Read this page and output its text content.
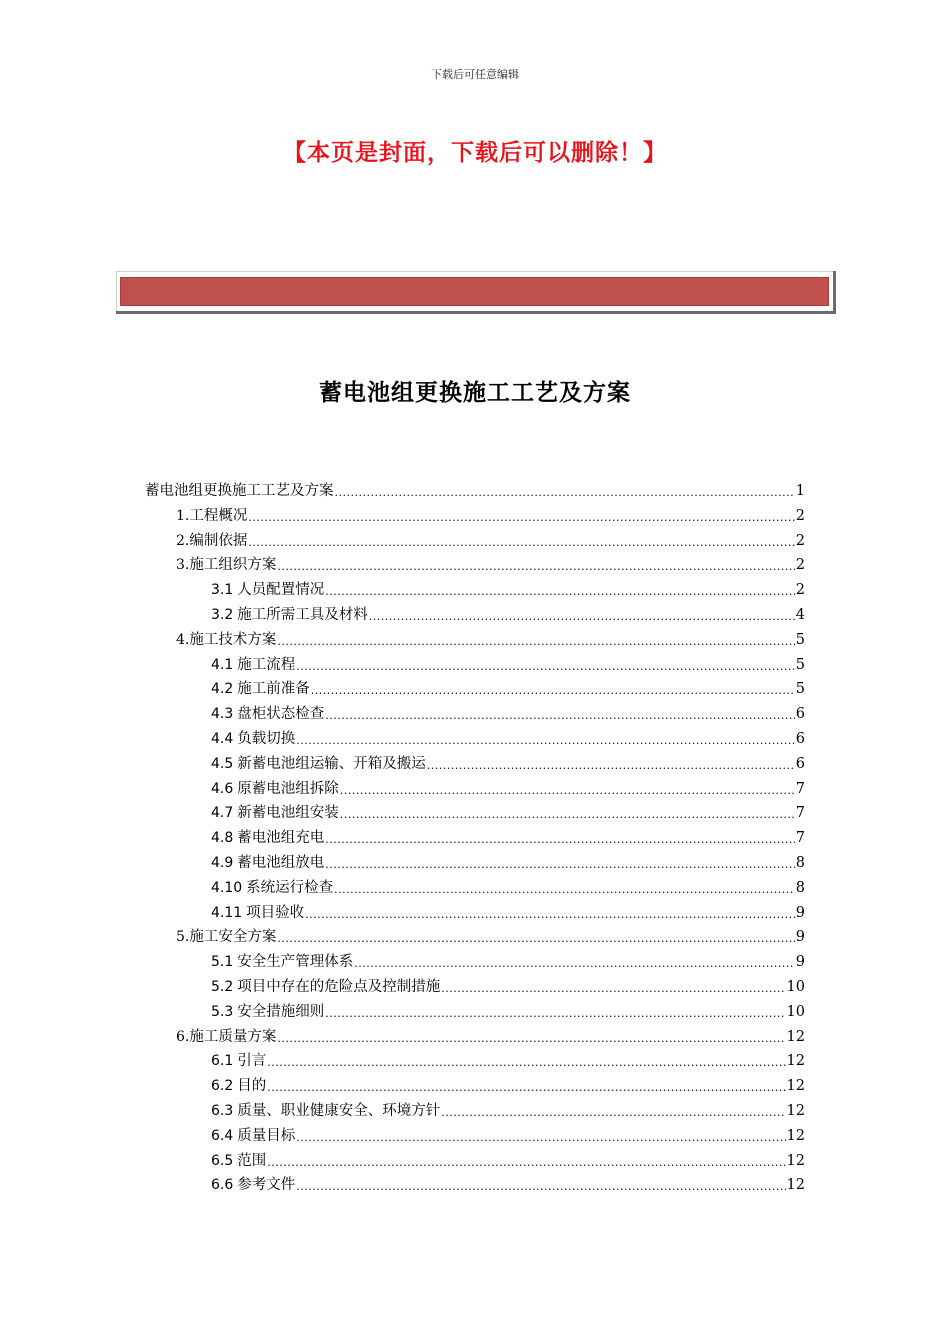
下载后可任意编辑
【本页是封面，下载后可以删除！】
蓄电池组更换施工工艺及方案
蓄电池组更换施工工艺及方案 .....	1
1. 工程概况 .....	2
2. 编制依据 .....	2
3. 施工组织方案 .....	2
3.1 人员配置情况 .....	2
3.2 施工所需工具及材料 .....	4
4. 施工技术方案 .....	5
4.1 施工流程 .....	5
4.2 施工前准备 .....	5
4.3 盘柜状态检查 .....	6
4.4 负载切换 .....	6
4.5 新蓄电池组运输、开箱及搬运 .....	6
4.6 原蓄电池组拆除 .....	7
4.7 新蓄电池组安装 .....	7
4.8 蓄电池组充电 .....	7
4.9 蓄电池组放电 .....	8
4.10 系统运行检查 .....	8
4.11 项目验收 .....	9
5. 施工安全方案 .....	9
5.1 安全生产管理体系 .....	9
5.2 项目中存在的危险点及控制措施 .....	10
5.3 安全措施细则 .....	10
6. 施工质量方案 .....	12
6.1 引言 .....	12
6.2 目的 .....	12
6.3 质量、职业健康安全、环境方针 .....	12
6.4 质量目标 .....	12
6.5 范围 .....	12
6.6 参考文件 .....	12
